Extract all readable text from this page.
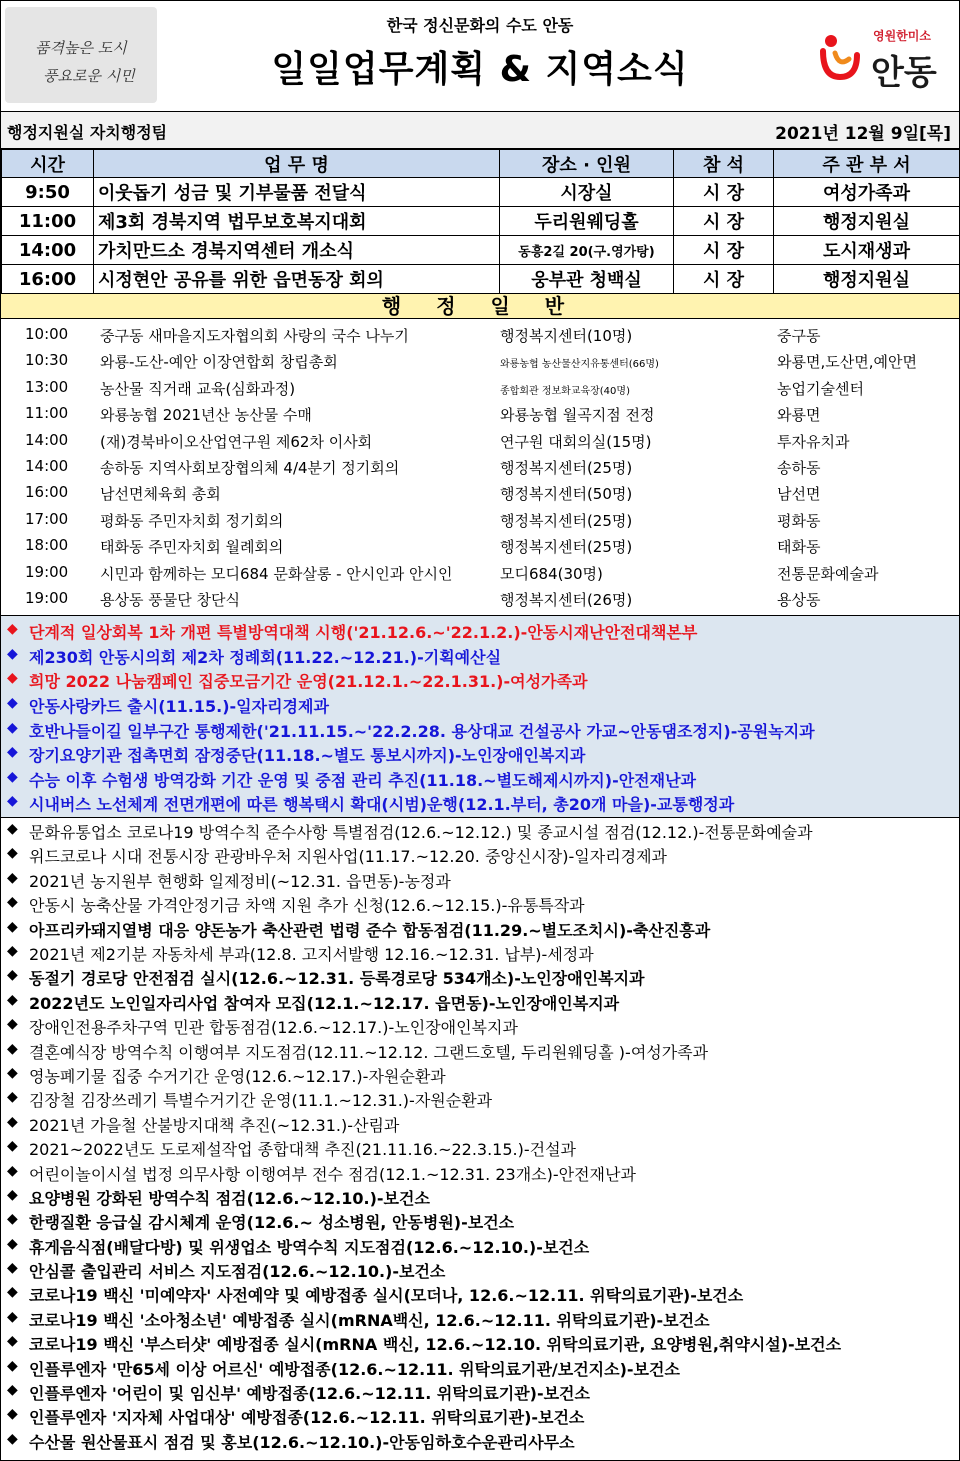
품격높은 도시
풍요로운 시민
한국 정신문화의 수도 안동
일일업무계획 & 지역소식
영원한미소
안동
행정지원실 자치행정팀	2021년 12월 9일[목]
시간	업 무 명	장소 · 인원	참 석	주 관 부 서
9:50	이웃돕기 성금 및 기부물품 전달식	시장실	시 장	여성가족과
11:00	제3회 경북지역 법무보호복지대회	두리원웨딩홀	시 장	행정지원실
14:00	가치만드소 경북지역센터 개소식	동흥2길 20(구.영가탕)	시 장	도시재생과
16:00	시정현안 공유를 위한 읍면동장 회의	웅부관 청백실	시 장	행정지원실
행 정 일 반
10:00 중구동 새마을지도자협의회 사랑의 국수 나누기	행정복지센터(10명)	중구동
10:30 와룡-도산-예안 이장연합회 창립총회	와룡농협 농산물산지유통센터(66명)	와룡면,도산면,예안면
13:00 농산물 직거래 교육(심화과정)	종합회관 정보화교육장(40명)	농업기술센터
11:00 와룡농협 2021년산 농산물 수매	와룡농협 월곡지점 전정	와룡면
14:00 (재)경북바이오산업연구원 제62차 이사회	연구원 대회의실(15명)	투자유치과
14:00 송하동 지역사회보장협의체 4/4분기 정기회의	행정복지센터(25명)	송하동
16:00 남선면체육회 총회	행정복지센터(50명)	남선면
17:00 평화동 주민자치회 정기회의	행정복지센터(25명)	평화동
18:00 태화동 주민자치회 월례회의	행정복지센터(25명)	태화동
19:00 시민과 함께하는 모디684 문화살롱 - 안시인과 안시인	모디684(30명)	전통문화예술과
19:00 용상동 풍물단 창단식	행정복지센터(26명)	용상동
◆ 단계적 일상회복 1차 개편 특별방역대책 시행('21.12.6.~'22.1.2.)-안동시재난안전대책본부
◆ 제230회 안동시의회 제2차 정례회(11.22.~12.21.)-기획예산실
◆ 희망 2022 나눔캠페인 집중모금기간 운영(21.12.1.~22.1.31.)-여성가족과
◆ 안동사랑카드 출시(11.15.)-일자리경제과
◆ 호반나들이길 일부구간 통행제한('21.11.15.~'22.2.28. 용상대교 건설공사 가교~안동댐조정지)-공원녹지과
◆ 장기요양기관 접촉면회 잠정중단(11.18.~별도 통보시까지)-노인장애인복지과
◆ 수능 이후 수험생 방역강화 기간 운영 및 중점 관리 추진(11.18.~별도해제시까지)-안전재난과
◆ 시내버스 노선체계 전면개편에 따른 행복택시 확대(시범)운행(12.1.부터, 총20개 마을)-교통행정과
◆ 문화유통업소 코로나19 방역수칙 준수사항 특별점검(12.6.~12.12.) 및 종교시설 점검(12.12.)-전통문화예술과
◆ 위드코로나 시대 전통시장 관광바우처 지원사업(11.17.~12.20. 중앙신시장)-일자리경제과
◆ 2021년 농지원부 현행화 일제정비(~12.31. 읍면동)-농정과
◆ 안동시 농축산물 가격안정기금 차액 지원 추가 신청(12.6.~12.15.)-유통특작과
◆ 아프리카돼지열병 대응 양돈농가 축산관련 법령 준수 합동점검(11.29.~별도조치시)-축산진흥과
◆ 2021년 제2기분 자동차세 부과(12.8. 고지서발행 12.16.~12.31. 납부)-세정과
◆ 동절기 경로당 안전점검 실시(12.6.~12.31. 등록경로당 534개소)-노인장애인복지과
◆ 2022년도 노인일자리사업 참여자 모집(12.1.~12.17. 읍면동)-노인장애인복지과
◆ 장애인전용주차구역 민관 합동점검(12.6.~12.17.)-노인장애인복지과
◆ 결혼예식장 방역수칙 이행여부 지도점검(12.11.~12.12. 그랜드호텔, 두리원웨딩홀 )-여성가족과
◆ 영농폐기물 집중 수거기간 운영(12.6.~12.17.)-자원순환과
◆ 김장철 김장쓰레기 특별수거기간 운영(11.1.~12.31.)-자원순환과
◆ 2021년 가을철 산불방지대책 추진(~12.31.)-산림과
◆ 2021~2022년도 도로제설작업 종합대책 추진(21.11.16.~22.3.15.)-건설과
◆ 어린이놀이시설 법정 의무사항 이행여부 전수 점검(12.1.~12.31. 23개소)-안전재난과
◆ 요양병원 강화된 방역수칙 점검(12.6.~12.10.)-보건소
◆ 한랭질환 응급실 감시체계 운영(12.6.~ 성소병원, 안동병원)-보건소
◆ 휴게음식점(배달다방) 및 위생업소 방역수칙 지도점검(12.6.~12.10.)-보건소
◆ 안심콜 출입관리 서비스 지도점검(12.6.~12.10.)-보건소
◆ 코로나19 백신 '미예약자' 사전예약 및 예방접종 실시(모더나, 12.6.~12.11. 위탁의료기관)-보건소
◆ 코로나19 백신 '소아청소년' 예방접종 실시(mRNA백신, 12.6.~12.11. 위탁의료기관)-보건소
◆ 코로나19 백신 '부스터샷' 예방접종 실시(mRNA 백신, 12.6.~12.10. 위탁의료기관, 요양병원,취약시설)-보건소
◆ 인플루엔자 '만65세 이상 어르신' 예방접종(12.6.~12.11. 위탁의료기관/보건지소)-보건소
◆ 인플루엔자 '어린이 및 임신부' 예방접종(12.6.~12.11. 위탁의료기관)-보건소
◆ 인플루엔자 '지자체 사업대상' 예방접종(12.6.~12.11. 위탁의료기관)-보건소
◆ 수산물 원산물표시 점검 및 홍보(12.6.~12.10.)-안동임하호수운관리사무소
